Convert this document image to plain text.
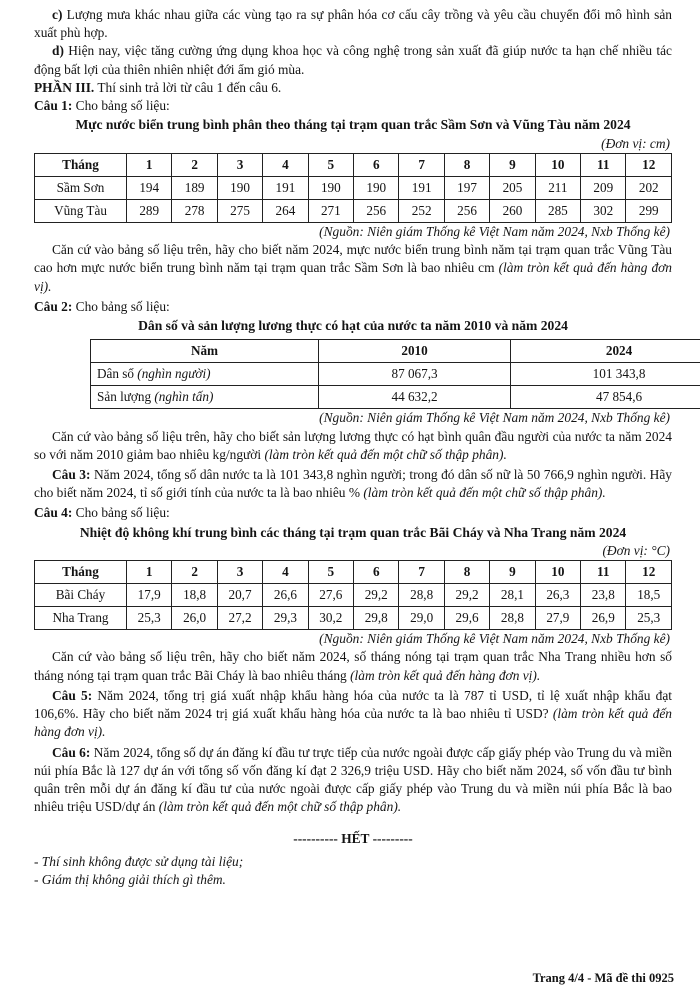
c) Lượng mưa khác nhau giữa các vùng tạo ra sự phân hóa cơ cấu cây trồng và yêu cầu chuyển đổi mô hình sản xuất phù hợp.

d) Hiện nay, việc tăng cường ứng dụng khoa học và công nghệ trong sản xuất đã giúp nước ta hạn chế nhiều tác động bất lợi của thiên nhiên nhiệt đới ẩm gió mùa.

PHẦN III. Thí sinh trả lời từ câu 1 đến câu 6.

Câu 1: Cho bảng số liệu:

Mực nước biển trung bình phân theo tháng tại trạm quan trắc Sầm Sơn và Vũng Tàu năm 2024

(Đơn vị: cm)

Tháng	1	2	3	4	5	6	7	8	9	10	11	12
Sầm Sơn	194	189	190	191	190	190	191	197	205	211	209	202
Vũng Tàu	289	278	275	264	271	256	252	256	260	285	302	299

(Nguồn: Niên giám Thống kê Việt Nam năm 2024, Nxb Thống kê)

Căn cứ vào bảng số liệu trên, hãy cho biết năm 2024, mực nước biển trung bình năm tại trạm quan trắc Vũng Tàu cao hơn mực nước biển trung bình năm tại trạm quan trắc Sầm Sơn là bao nhiêu cm (làm tròn kết quả đến hàng đơn vị).

Câu 2: Cho bảng số liệu:

Dân số và sản lượng lương thực có hạt của nước ta năm 2010 và năm 2024

Năm	2010	2024
Dân số (nghìn người)	87 067,3	101 343,8
Sản lượng (nghìn tấn)	44 632,2	47 854,6

(Nguồn: Niên giám Thống kê Việt Nam năm 2024, Nxb Thống kê)

Căn cứ vào bảng số liệu trên, hãy cho biết sản lượng lương thực có hạt bình quân đầu người của nước ta năm 2024 so với năm 2010 giảm bao nhiêu kg/người (làm tròn kết quả đến một chữ số thập phân).

Câu 3: Năm 2024, tổng số dân nước ta là 101 343,8 nghìn người; trong đó dân số nữ là 50 766,9 nghìn người. Hãy cho biết năm 2024, tỉ số giới tính của nước ta là bao nhiêu % (làm tròn kết quả đến một chữ số thập phân).

Câu 4: Cho bảng số liệu:

Nhiệt độ không khí trung bình các tháng tại trạm quan trắc Bãi Cháy và Nha Trang năm 2024

(Đơn vị: °C)

Tháng	1	2	3	4	5	6	7	8	9	10	11	12
Bãi Cháy	17,9	18,8	20,7	26,6	27,6	29,2	28,8	29,2	28,1	26,3	23,8	18,5
Nha Trang	25,3	26,0	27,2	29,3	30,2	29,8	29,0	29,6	28,8	27,9	26,9	25,3

(Nguồn: Niên giám Thống kê Việt Nam năm 2024, Nxb Thống kê)

Căn cứ vào bảng số liệu trên, hãy cho biết năm 2024, số tháng nóng tại trạm quan trắc Nha Trang nhiều hơn số tháng nóng tại trạm quan trắc Bãi Cháy là bao nhiêu tháng (làm tròn kết quả đến hàng đơn vị).

Câu 5: Năm 2024, tổng trị giá xuất nhập khẩu hàng hóa của nước ta là 787 tỉ USD, tỉ lệ xuất nhập khẩu đạt 106,6%. Hãy cho biết năm 2024 trị giá xuất khẩu hàng hóa của nước ta là bao nhiêu tỉ USD? (làm tròn kết quả đến hàng đơn vị).

Câu 6: Năm 2024, tổng số dự án đăng kí đầu tư trực tiếp của nước ngoài được cấp giấy phép vào Trung du và miền núi phía Bắc là 127 dự án với tổng số vốn đăng kí đạt 2 326,9 triệu USD. Hãy cho biết năm 2024, số vốn đầu tư bình quân trên mỗi dự án đăng kí đầu tư của nước ngoài được cấp giấy phép vào Trung du và miền núi phía Bắc là bao nhiêu triệu USD/dự án (làm tròn kết quả đến một chữ số thập phân).

---------- HẾT ---------

- Thí sinh không được sử dụng tài liệu;

- Giám thị không giải thích gì thêm.

Trang 4/4 - Mã đề thi 0925
